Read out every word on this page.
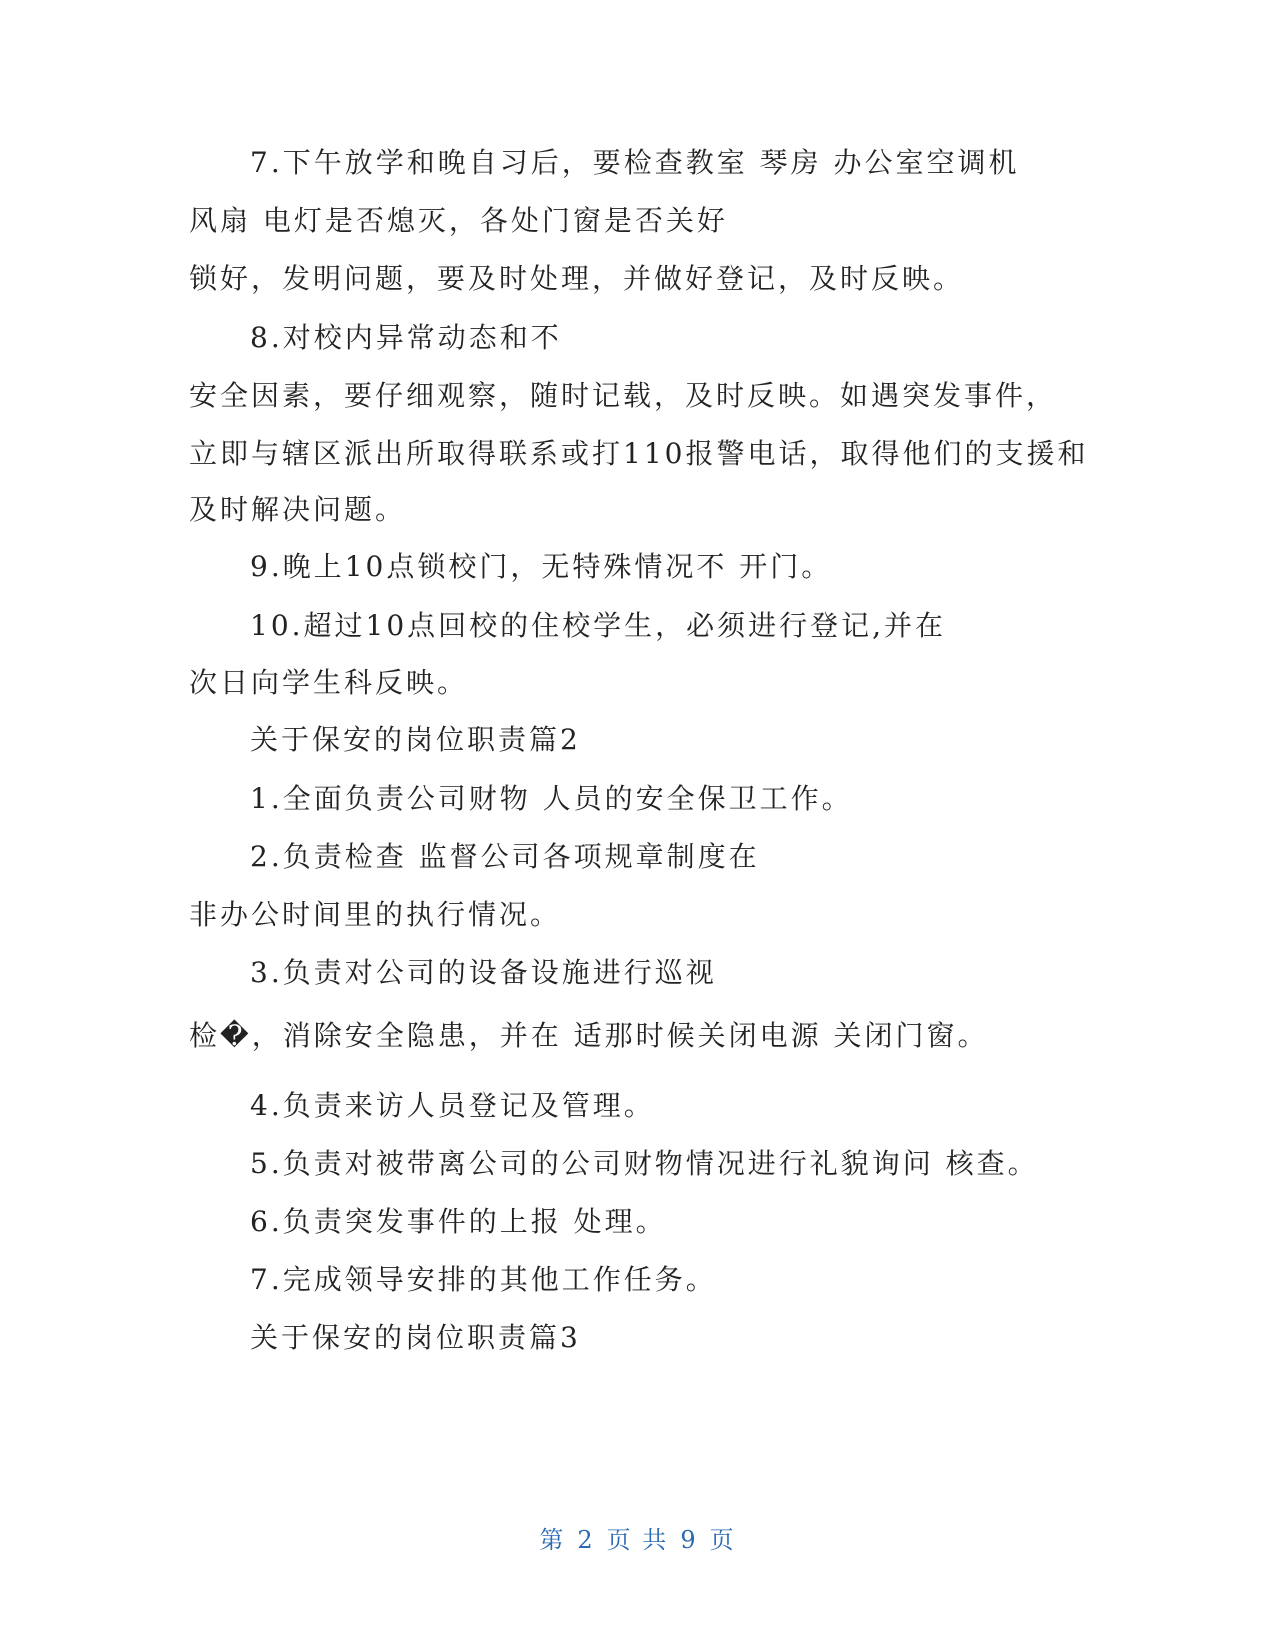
7.下午放学和晚自习后，要检查教室 琴房 办公室空调机
风扇 电灯是否熄灭，各处门窗是否关好
锁好，发明问题，要及时处理，并做好登记，及时反映。
8.对校内异常动态和不
安全因素，要仔细观察，随时记载，及时反映。如遇突发事件，
立即与辖区派出所取得联系或打110报警电话，取得他们的支援和
及时解决问题。
9.晚上10点锁校门，无特殊情况不 开门。
10.超过10点回校的住校学生，必须进行登记,并在
次日向学生科反映。
关于保安的岗位职责篇2
1.全面负责公司财物 人员的安全保卫工作。
2.负责检查 监督公司各项规章制度在
非办公时间里的执行情况。
3.负责对公司的设备设施进行巡视
检�，消除安全隐患，并在 适那时候关闭电源 关闭门窗。
4.负责来访人员登记及管理。
5.负责对被带离公司的公司财物情况进行礼貌询问 核查。
6.负责突发事件的上报 处理。
7.完成领导安排的其他工作任务。
关于保安的岗位职责篇3
第 2 页 共 9 页
